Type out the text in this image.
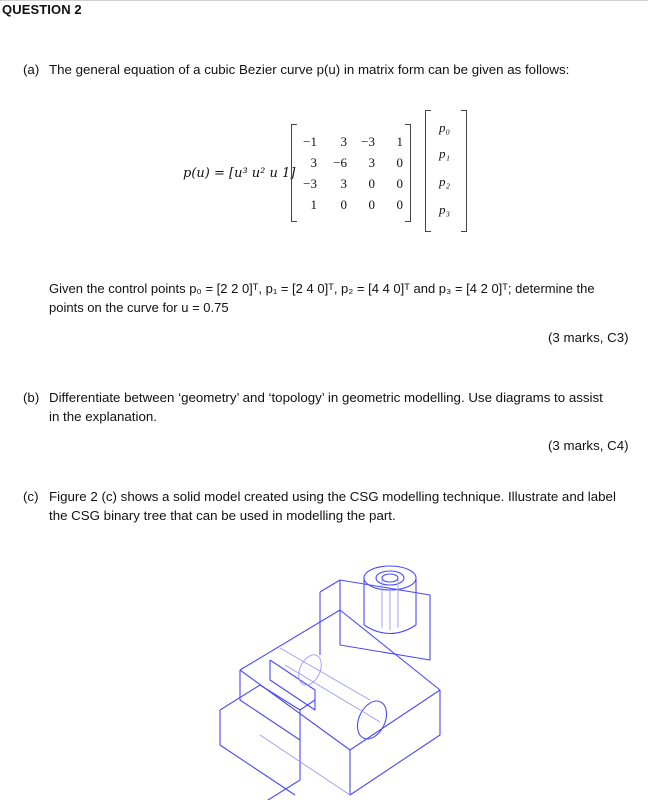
QUESTION 2
(a) The general equation of a cubic Bezier curve p(u) in matrix form can be given as follows:
p(u) = [u³ u² u 1]
−1	3	−3	1
3	−6	3	0
−3	3	0	0
1	0	0	0
p₀
p₁
p₂
p₃
Given the control points p₀ = [2 2 0]ᵀ, p₁ = [2 4 0]ᵀ, p₂ = [4 4 0]ᵀ and p₃ = [4 2 0]ᵀ; determine the
points on the curve for u = 0.75
(3 marks, C3)
(b) Differentiate between ‘geometry’ and ‘topology’ in geometric modelling. Use diagrams to assist
in the explanation.
(3 marks, C4)
(c) Figure 2 (c) shows a solid model created using the CSG modelling technique. Illustrate and label
the CSG binary tree that can be used in modelling the part.
